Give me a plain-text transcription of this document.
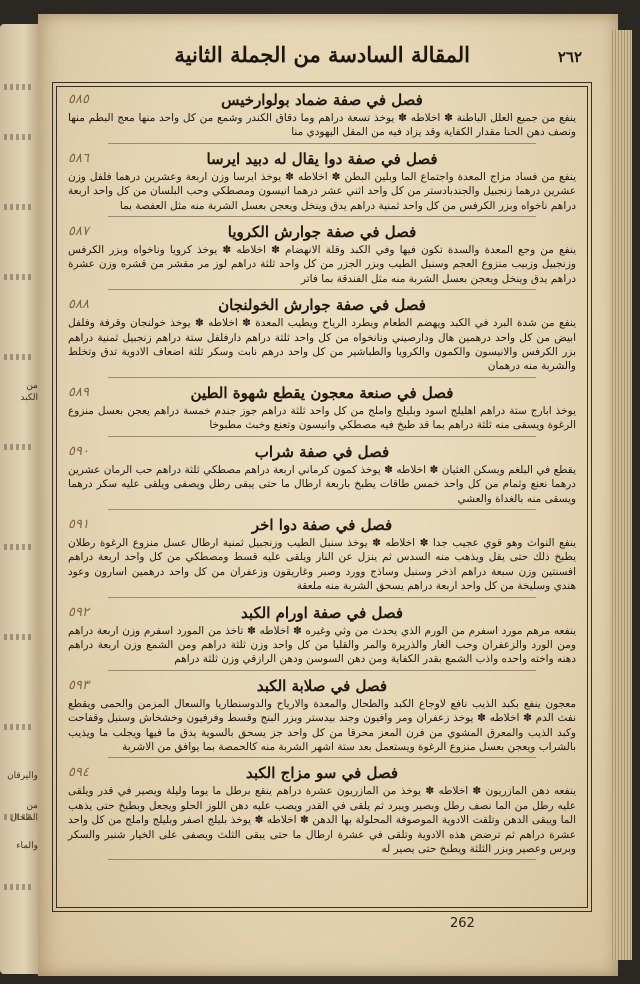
المقالة السادسة من الجملة الثانية	٢٦٢
فصل في صفة ضماد بولوارخيس
٥٨٥
ينفع من جميع العلل الباطنة ✽ اخلاطه ✽ يوخذ تسعة دراهم وما دقاق الكندر وشمع من كل واحد منها معج البطم منها ونصف دهن الحنا مقدار الكفاية وقد يزاد فيه من المقل اليهودي منا
فصل في صفة دوا يقال له دبيد ايرسا
٥٨٦
ينفع من فساد مزاج المعدة واجتماع الما وبلين البطن ✽ اخلاطه ✽ يوخذ ايرسا وزن اربعة وعشرين درهما فلفل وزن عشرين درهما زنجبيل والجندبادستر من كل واحد اثني عشر درهما انيسون ومصطكي وحب البلسان من كل واحد اربعة دراهم ناخواه وبزر الكرفس من كل واحد ثمنية دراهم يدق وينخل ويعجن بعسل الشربة منه مثل العفصة بما
فصل في صفة جوارش الكرويا
٥٨٧
ينفع من وجع المعدة والسدة تكون فيها وفي الكبد وقلة الانهضام ✽ اخلاطه ✽ يوخذ كرويا وناخواه وبزر الكرفس وزنجبيل وزبيب منزوع العجم وسنبل الطيب وبزر الجزر من كل واحد ثلثة دراهم لوز مر مقشر من قشره وزن عشرة دراهم يدق وينخل ويعجن بعسل الشربة منه مثل الفندقة بما فاتر
فصل في صفة جوارش الخولنجان
٥٨٨
ينفع من شدة البرد في الكبد ويهضم الطعام ويطرد الرياح ويطيب المعدة ✽ اخلاطه ✽ يوخذ خولنجان وقرفة وفلفل ابيض من كل واحد درهمين هال ودارصيني ونانخواه من كل واحد ثلثة دراهم دارفلفل ستة دراهم زنجبيل ثمنية دراهم بزر الكرفس والانيسون والكمون والكرويا والطباشير من كل واحد درهم نابت وسكر ثلثة اضعاف الادوية تدق وتخلط والشربة منه درهمان
فصل في صنعة معجون يقطع شهوة الطين
٥٨٩
يوخذ ابارج ستة دراهم اهليلج اسود وبليلج واملج من كل واحد ثلثة دراهم جوز جندم خمسة دراهم يعجن بعسل منزوع الرغوة ويسقى منه ثلثة دراهم بما قد طبخ فيه مصطكي وانيسون وتعنع وخبث مطبوخا
فصل في صفة شراب
٥٩٠
يقطع في البلغم ويسكن الغثيان ✽ اخلاطه ✽ يوخذ كمون كرماني اربعة دراهم مصطكي ثلثة دراهم حب الرمان عشرين درهما نعنع وثمام من كل واحد خمس طاقات يطبخ باربعة ارطال ما حتى يبقى رطل ويصفى ويلقى عليه سكر درهما ويسقى منه بالغداة والعشي
فصل في صفة دوا اخر
٥٩١
ينفع النواث وهو قوي عجيب جدا ✽ اخلاطه ✽ يوخذ سنبل الطيب وزنجبيل ثمنية ارطال عسل منزوع الرغوة رطلان يطبخ ذلك حتى يقل ويذهب منه السدس ثم ينزل عن النار ويلقى عليه قسط ومصطكي من كل واحد اربعة دراهم افسنتين وزن سبعة دراهم اذخر وسنبل وساذج وورد وصبر وغاريقون وزعفران من كل واحد درهمين اسارون وعود هندي وسليخة من كل واحد اربعة دراهم يسحق الشربة منه ملعقة
فصل في صفة اورام الكبد
٥٩٢
ينفعه مرهم مورد اسفرم من الورم الذي يحدث من وثي وغيره ✽ اخلاطه ✽ تاخذ من المورد اسفرم وزن اربعة دراهم ومن الورد والزعفران وحب الغار والذريرة والمر والقليا من كل واحد وزن ثلثة دراهم ومن الشمع وزن اربعة دراهم دهنه واخته واحده واذب الشمع بقدر الكفاية ومن دهن السوسن ودهن الرازقي وزن ثلثة دراهم
فصل في صلابة الكبد
٥٩٣
معجون ينفع بكبد الذيب نافع لاوجاع الكبد والطحال والمعدة والارياح والدوسنطاريا والسعال المزمن والحمى ويقطع نفث الدم ✽ اخلاطه ✽ يوخذ زعفران ومر وافيون وجند بيدستر وبزر البنج وقسط وفرفيون وخشخاش وسنبل وقفاحت وكبد الذيب والمعرق المشوي من فرن المعز محرقا من كل واحد جز يسحق بالسوية يدق ما فيها ويجلب ما ويذيب بالشراب ويعجن بعسل منزوع الرغوة ويستعمل بعد ستة اشهر الشربة منه كالحمصة بما يوافق من الاشربة
فصل في سو مزاج الكبد
٥٩٤
ينفعه دهن المازريون ✽ اخلاطه ✽ يوخذ من المازريون عشرة دراهم ينقع برطل ما يوما وليلة ويصير في قدر ويلقى عليه رطل من الما نصف رطل وبصير ويبرد ثم يلقى في القدر ويصب عليه دهن اللوز الحلو ويجعل وبطبخ حتى يذهب الما ويبقى الدهن وتلقت الادوية الموصوفة المحلولة بها الدهن ✽ اخلاطه ✽ يوخذ بليلج اصفر وبليلج واملج من كل واحد عشرة دراهم ثم ترضض هذه الادوية وتلقى في عشرة ارطال ما حتى يبقى الثلث ويصفى على الخيار شنبر والسكر وبرس وعصير وبزر الثلثة ويطبخ حتى يصير له
من الكبد
واليرقان
من الطحال
والماء
262
